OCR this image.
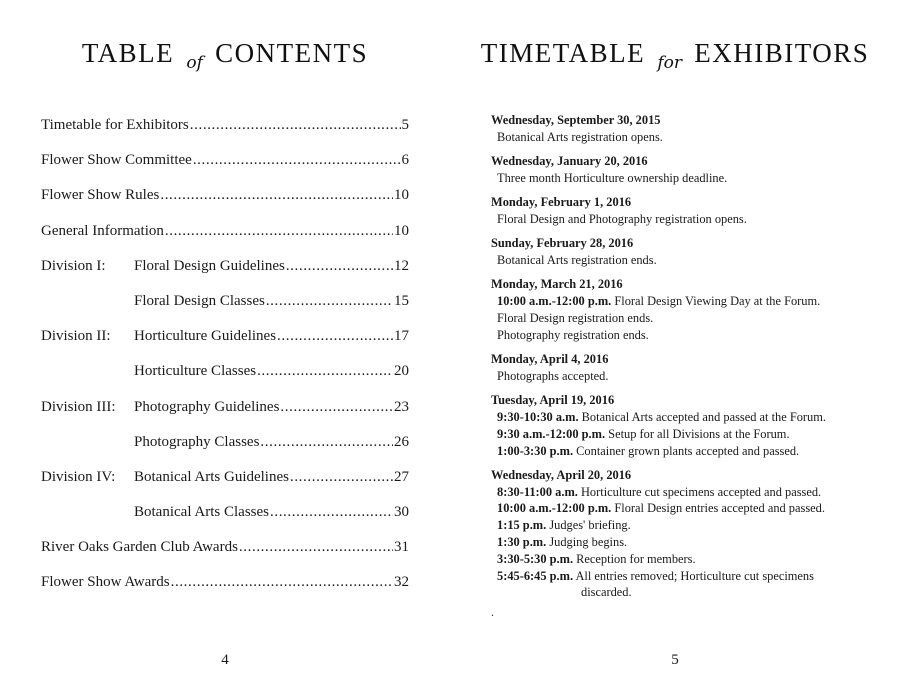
TABLE $_{of}$ CONTENTS
Timetable for Exhibitors .....	5
Flower Show Committee .....	6
Flower Show Rules .....	10
General Information .....	10
Division I:	Floral Design Guidelines .....	12
Floral Design Classes .....	15
Division II:	Horticulture Guidelines .....	17
Horticulture Classes .....	20
Division III:	Photography Guidelines .....	23
Photography Classes .....	26
Division IV:	Botanical Arts Guidelines .....	27
Botanical Arts Classes .....	30
River Oaks Garden Club Awards .....	31
Flower Show Awards .....	32
4
TIMETABLE $_{for}$ EXHIBITORS
Wednesday, September 30, 2015
Botanical Arts registration opens.
Wednesday, January 20, 2016
Three month Horticulture ownership deadline.
Monday, February 1, 2016
Floral Design and Photography registration opens.
Sunday, February 28, 2016
Botanical Arts registration ends.
Monday, March 21, 2016
10:00 a.m.-12:00 p.m. Floral Design Viewing Day at the Forum.
Floral Design registration ends.
Photography registration ends.
Monday, April 4, 2016
Photographs accepted.
Tuesday, April 19, 2016
9:30-10:30 a.m. Botanical Arts accepted and passed at the Forum.
9:30 a.m.-12:00 p.m. Setup for all Divisions at the Forum.
1:00-3:30 p.m. Container grown plants accepted and passed.
Wednesday, April 20, 2016
8:30-11:00 a.m. Horticulture cut specimens accepted and passed.
10:00 a.m.-12:00 p.m. Floral Design entries accepted and passed.
1:15 p.m. Judges' briefing.
1:30 p.m. Judging begins.
3:30-5:30 p.m. Reception for members.
5:45-6:45 p.m. All entries removed; Horticulture cut specimens
discarded.
.
5
